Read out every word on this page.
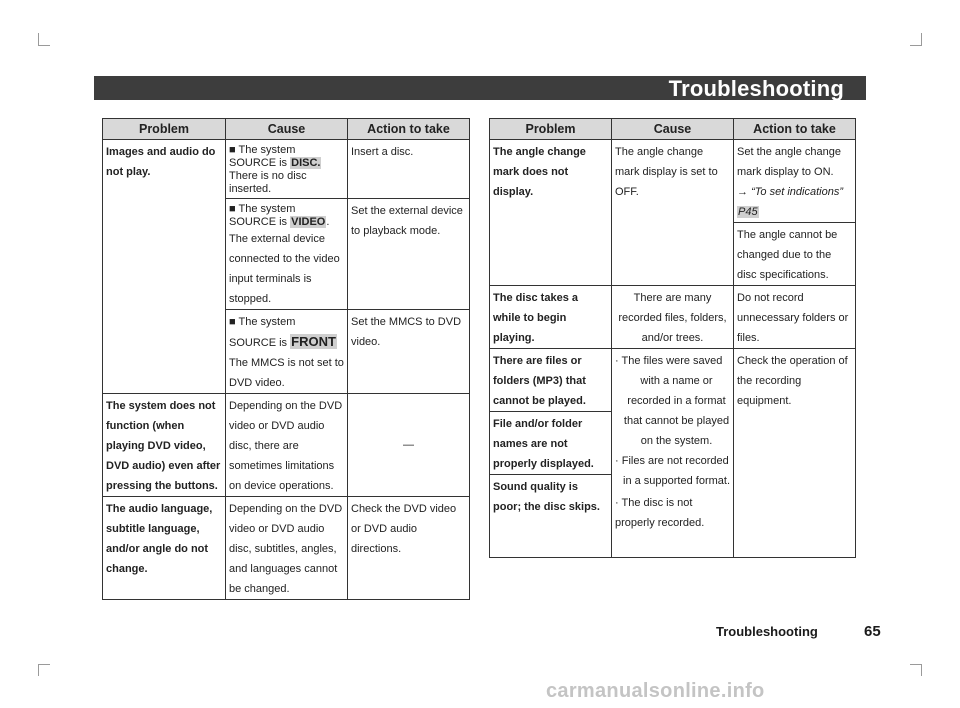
Troubleshooting
Problem	Cause	Action to take

Images and audio do not play.	■ The system
SOURCE is DISC.
There is no disc inserted.	Insert a disc.

	■ The system
SOURCE is VIDEO.
The external device connected to the video input terminals is stopped.	Set the external device to playback mode.

	■ The system
SOURCE is FRONT
The MMCS is not set to DVD video.	Set the MMCS to DVD video.

The system does not function (when playing DVD video, DVD audio) even after pressing the buttons.	Depending on the DVD video or DVD audio disc, there are sometimes limitations on device operations.	—

The audio language, subtitle language, and/or angle do not change.	Depending on the DVD video or DVD audio disc, subtitles, angles, and languages cannot be changed.	Check the DVD video or DVD audio directions.
Problem	Cause	Action to take

The angle change mark does not display.	The angle change mark display is set to OFF.	Set the angle change mark display to ON.
→ “To set indications”
P45

		The angle cannot be changed due to the disc specifications.

The disc takes a while to begin playing.	There are many recorded files, folders, and/or trees.	Do not record unnecessary folders or files.

There are files or folders (MP3) that cannot be played.	· The files were saved
with a name or recorded in a format that cannot be played on the system.
· Files are not recorded
in a supported format.
· The disc is not properly recorded.	Check the operation of the recording equipment.

File and/or folder names are not properly displayed.		

Sound quality is poor; the disc skips.		
Troubleshooting	65
carmanualsonline.info
